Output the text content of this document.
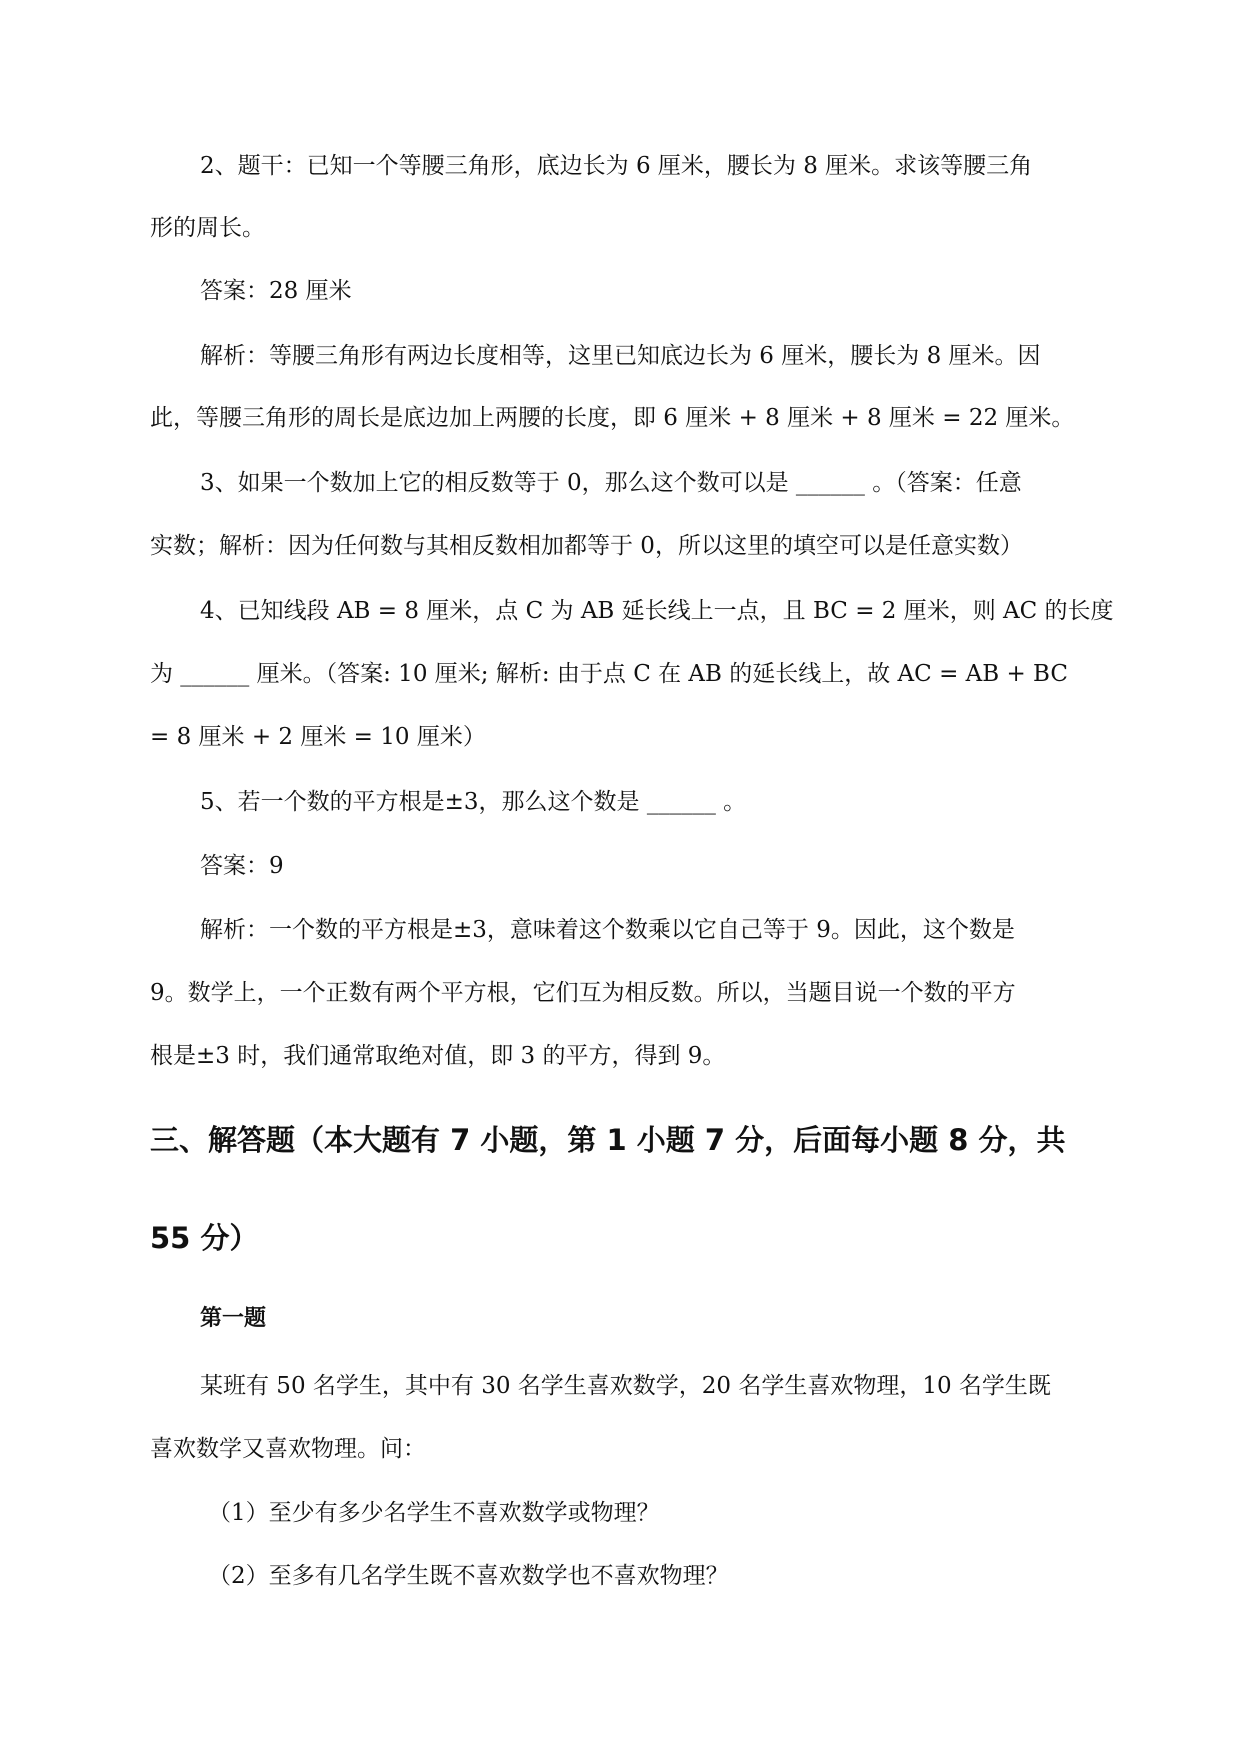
2、题干：已知一个等腰三角形，底边长为 6 厘米，腰长为 8 厘米。求该等腰三角
形的周长。
答案：28 厘米
解析：等腰三角形有两边长度相等，这里已知底边长为 6 厘米，腰长为 8 厘米。因
此，等腰三角形的周长是底边加上两腰的长度，即 6 厘米 + 8 厘米 + 8 厘米 = 22 厘米。
3、如果一个数加上它的相反数等于 0，那么这个数可以是 ______ 。（答案：任意
实数；解析：因为任何数与其相反数相加都等于 0，所以这里的填空可以是任意实数）
4、已知线段 AB = 8 厘米，点 C 为 AB 延长线上一点，且 BC = 2 厘米，则 AC 的长度
为 ______ 厘米。（答案: 10 厘米; 解析: 由于点 C 在 AB 的延长线上，故 AC = AB + BC
= 8 厘米 + 2 厘米 = 10 厘米）
5、若一个数的平方根是±3，那么这个数是 ______ 。
答案：9
解析：一个数的平方根是±3，意味着这个数乘以它自己等于 9。因此，这个数是
9。数学上，一个正数有两个平方根，它们互为相反数。所以，当题目说一个数的平方
根是±3 时，我们通常取绝对值，即 3 的平方，得到 9。
三、解答题（本大题有 7 小题，第 1 小题 7 分，后面每小题 8 分，共
55 分）
第一题
某班有 50 名学生，其中有 30 名学生喜欢数学，20 名学生喜欢物理，10 名学生既
喜欢数学又喜欢物理。问：
（1）至少有多少名学生不喜欢数学或物理？
（2）至多有几名学生既不喜欢数学也不喜欢物理？
